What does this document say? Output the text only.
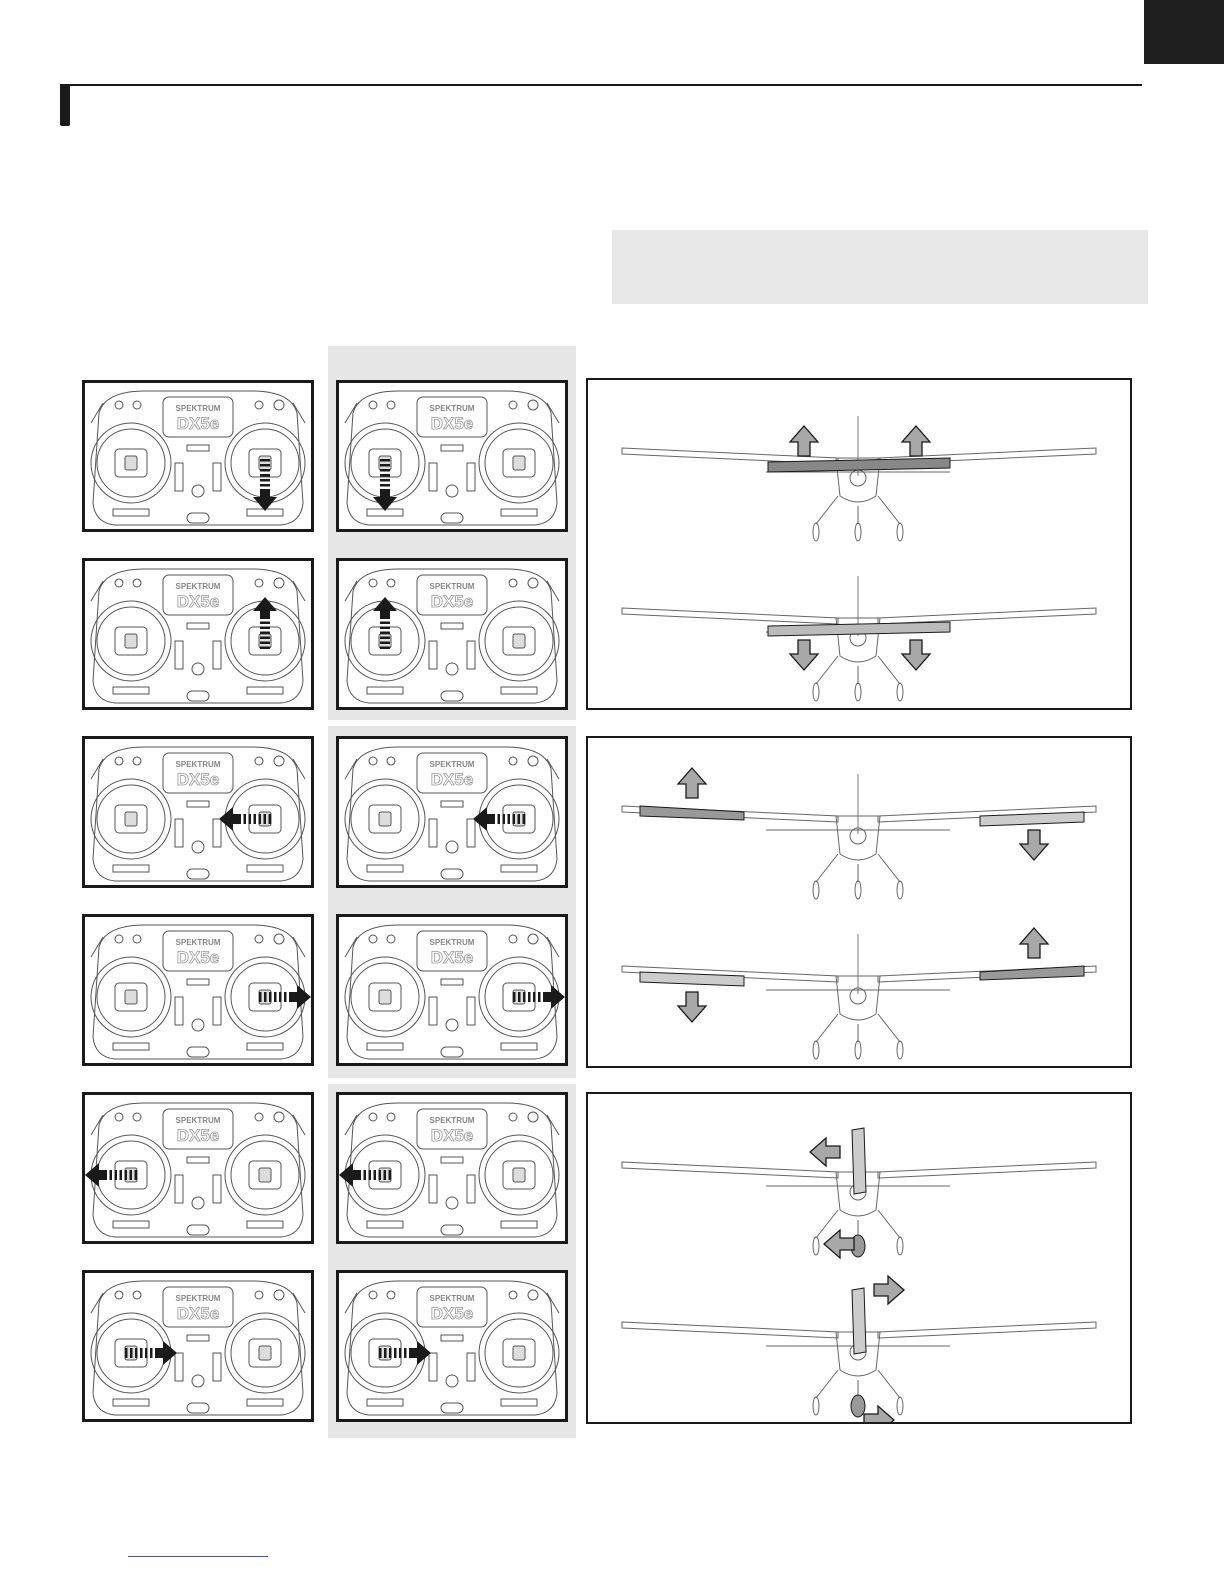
SPEKTRUM
DX5e
SPEKTRUM
DX5e
SPEKTRUM
DX5e
SPEKTRUM
DX5e
SPEKTRUM
DX5e
SPEKTRUM
DX5e
SPEKTRUM
DX5e
SPEKTRUM
DX5e
SPEKTRUM
DX5e
SPEKTRUM
DX5e
SPEKTRUM
DX5e
SPEKTRUM
DX5e
